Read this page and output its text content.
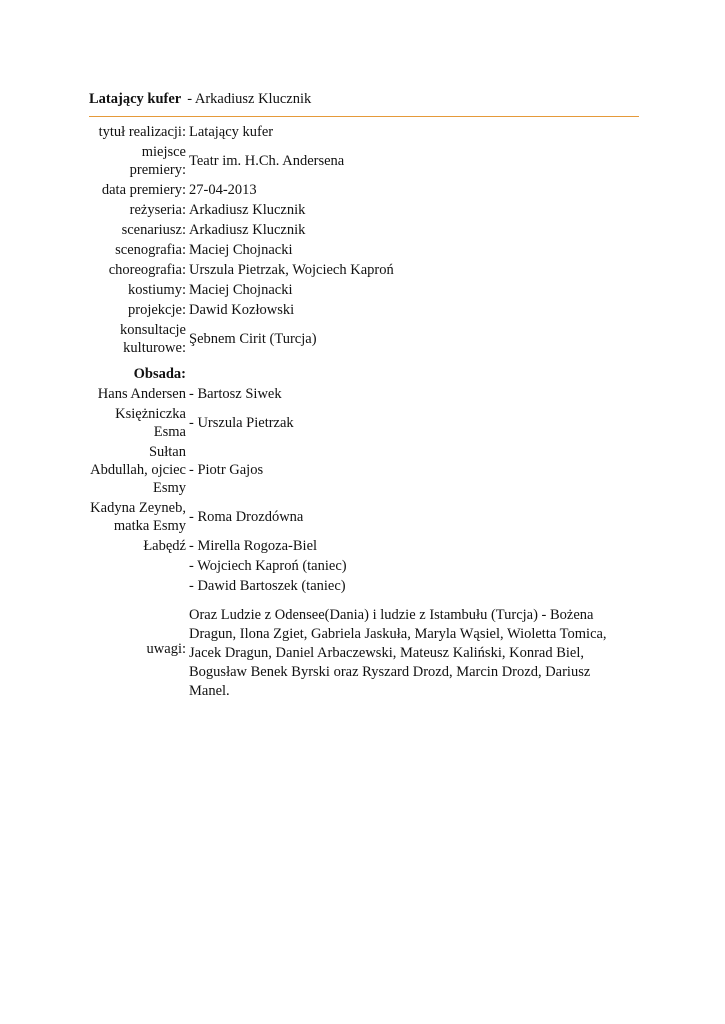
Latający kufer - Arkadiusz Klucznik
tytuł realizacji:	Latający kufer
miejsce premiery:	Teatr im. H.Ch. Andersena
data premiery:	27-04-2013
reżyseria:	Arkadiusz Klucznik
scenariusz:	Arkadiusz Klucznik
scenografia:	Maciej Chojnacki
choreografia:	Urszula Pietrzak, Wojciech Kaproń
kostiumy:	Maciej Chojnacki
projekcje:	Dawid Kozłowski
konsultacje kulturowe:	Şebnem Cirit (Turcja)

Obsada:	
Hans Andersen	- Bartosz Siwek
Księżniczka Esma	- Urszula Pietrzak
Sułtan Abdullah, ojciec Esmy	- Piotr Gajos
Kadyna Zeyneb, matka Esmy	- Roma Drozdówna
Łabędź	- Mirella Rogoza-Biel
	- Wojciech Kaproń (taniec)
	- Dawid Bartoszek (taniec)
uwagi:	Oraz Ludzie z Odensee(Dania) i ludzie z Istambułu (Turcja) - Bożena Dragun, Ilona Zgiet, Gabriela Jaskuła, Maryla Wąsiel, Wioletta Tomica, Jacek Dragun, Daniel Arbaczewski, Mateusz Kaliński, Konrad Biel, Bogusław Benek Byrski oraz Ryszard Drozd, Marcin Drozd, Dariusz Manel.
